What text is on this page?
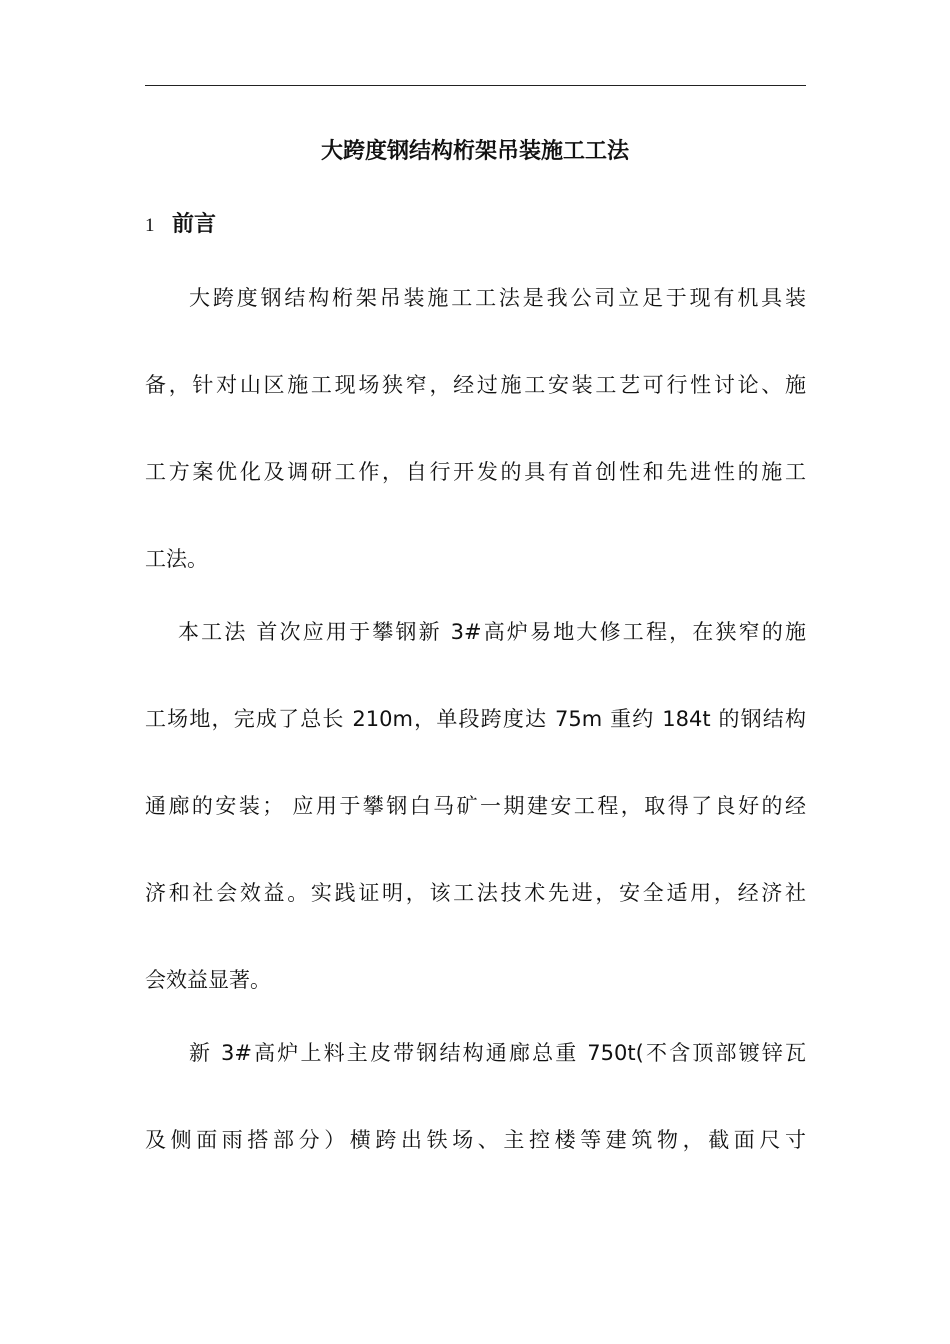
大跨度钢结构桁架吊装施工工法
1 前言
大跨度钢结构桁架吊装施工工法是我公司立足于现有机具装
备，针对山区施工现场狭窄，经过施工安装工艺可行性讨论、施
工方案优化及调研工作，自行开发的具有首创性和先进性的施工
工法。
本工法 首次应用于攀钢新 3#高炉易地大修工程，在狭窄的施
工场地，完成了总长 210m，单段跨度达 75m 重约 184t 的钢结构
通廊的安装； 应用于攀钢白马矿一期建安工程，取得了良好的经
济和社会效益。实践证明，该工法技术先进，安全适用，经济社
会效益显著。
新 3#高炉上料主皮带钢结构通廊总重 750t(不含顶部镀锌瓦
及侧面雨搭部分）横跨出铁场、主控楼等建筑物，截面尺寸
